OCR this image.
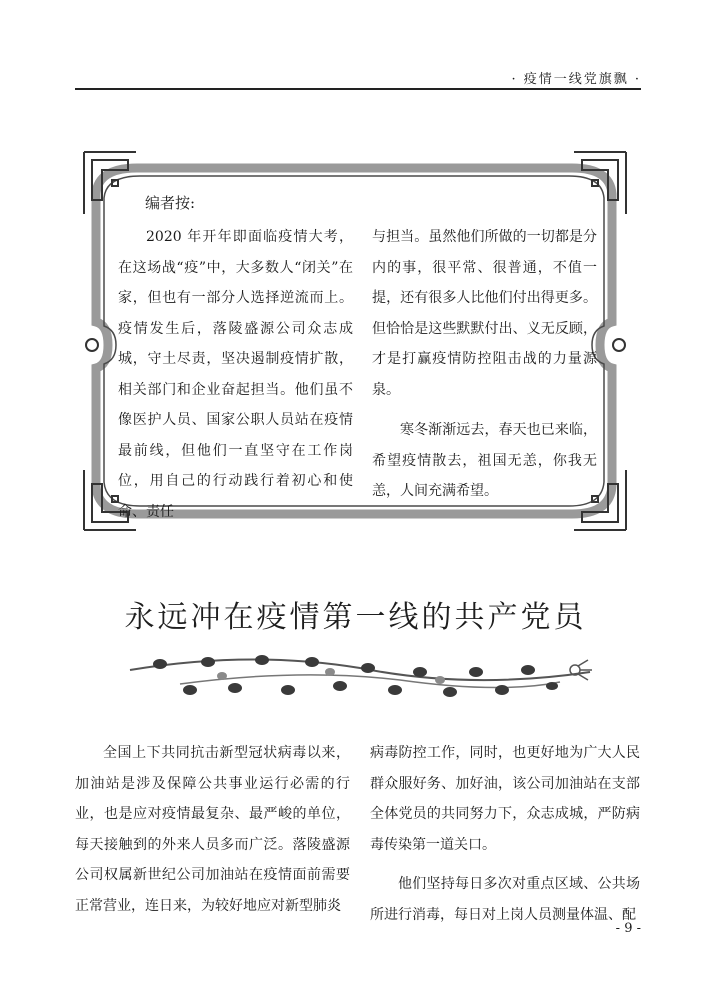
· 疫情一线党旗飘 ·
编者按:

2020 年开年即面临疫情大考，在这场战“疫”中，大多数人“闭关”在家，但也有一部分人选择逆流而上。疫情发生后，落陵盛源公司众志成城，守土尽责，坚决遏制疫情扩散，相关部门和企业奋起担当。他们虽不像医护人员、国家公职人员站在疫情最前线，但他们一直坚守在工作岗位，用自己的行动践行着初心和使命、责任

与担当。虽然他们所做的一切都是分内的事，很平常、很普通，不值一提，还有很多人比他们付出得更多。但恰恰是这些默默付出、义无反顾，才是打赢疫情防控阻击战的力量源泉。

寒冬渐渐远去，春天也已来临，希望疫情散去，祖国无恙，你我无恙，人间充满希望。

永远冲在疫情第一线的共产党员

全国上下共同抗击新型冠状病毒以来，加油站是涉及保障公共事业运行必需的行业，也是应对疫情最复杂、最严峻的单位，每天接触到的外来人员多而广泛。落陵盛源公司权属新世纪公司加油站在疫情面前需要正常营业，连日来，为较好地应对新型肺炎

病毒防控工作，同时，也更好地为广大人民群众服好务、加好油，该公司加油站在支部全体党员的共同努力下，众志成城，严防病毒传染第一道关口。

他们坚持每日多次对重点区域、公共场所进行消毒，每日对上岗人员测量体温、配

- 9 -
